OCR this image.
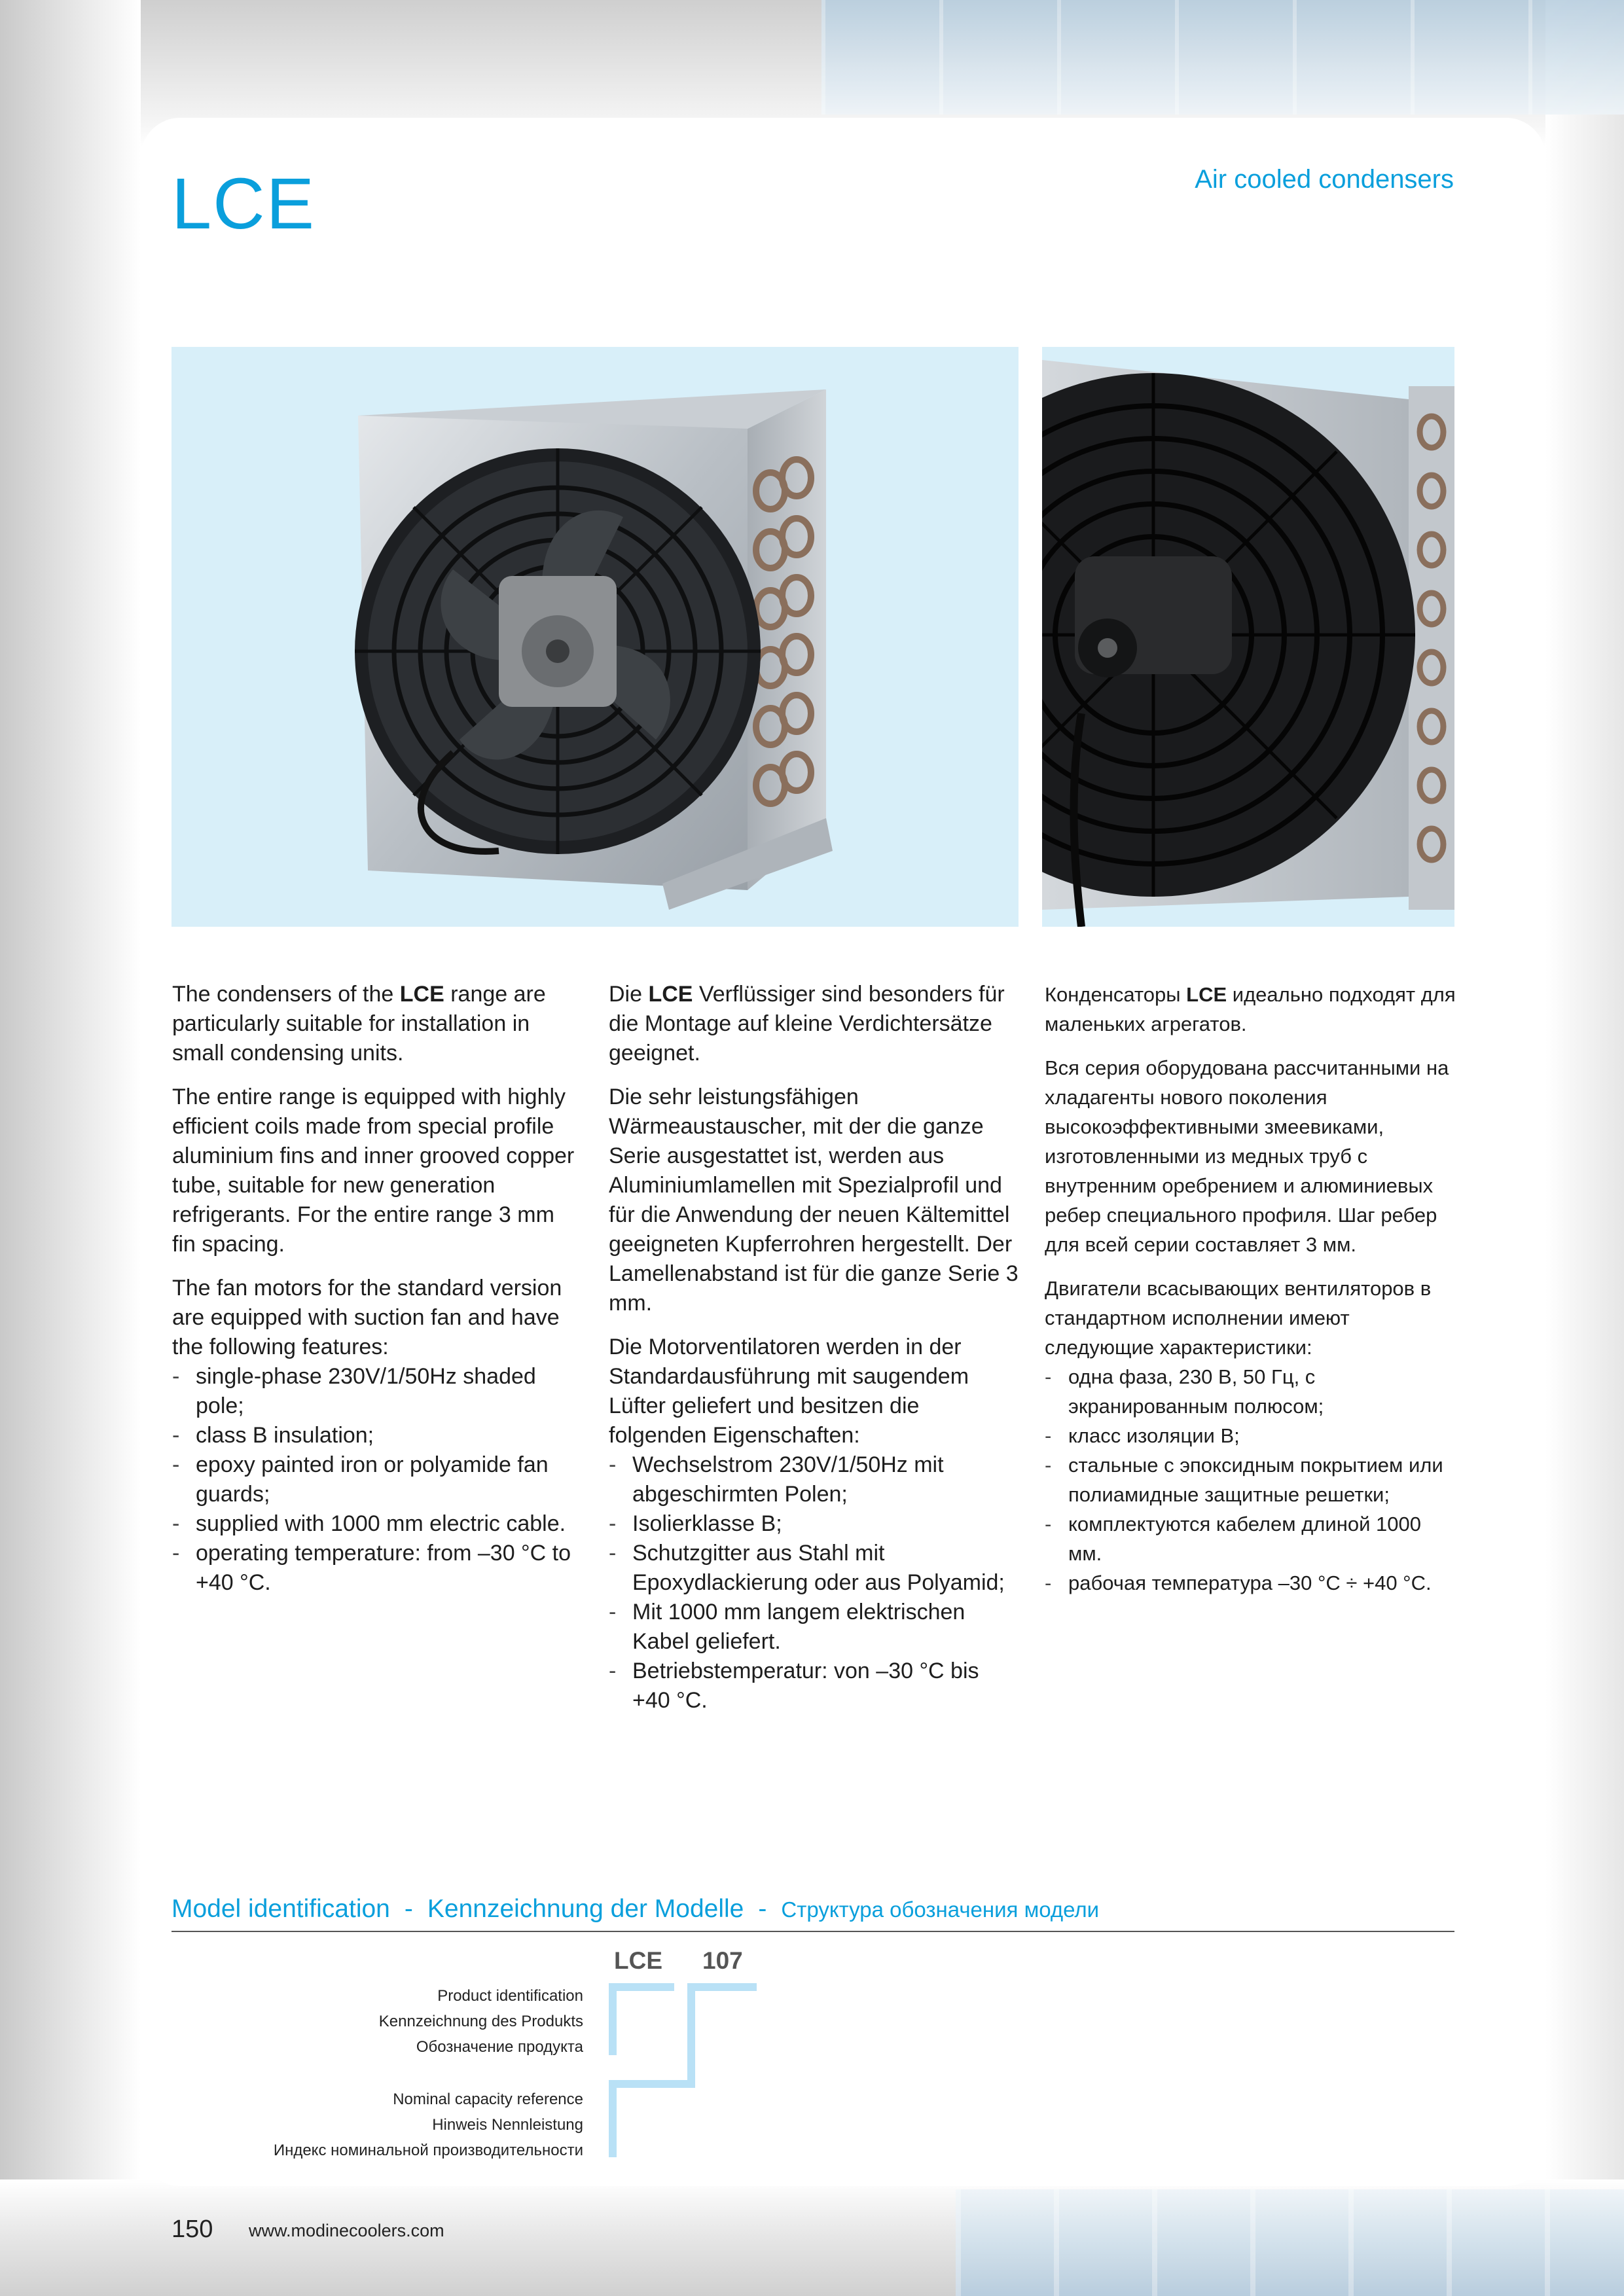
LCE	Air cooled condensers

The condensers of the LCE range are particularly suitable for installation in small condensing units.

The entire range is equipped with highly efficient coils made from special profile aluminium fins and inner grooved copper tube, suitable for new generation refrigerants. For the entire range 3 mm fin spacing.

The fan motors for the standard version are equipped with suction fan and have the following features:

- single-phase 230V/1/50Hz shaded pole;
- class B insulation;
- epoxy painted iron or polyamide fan guards;
- supplied with 1000 mm electric cable.
- operating temperature: from –30 °C to +40 °C.

Die LCE Verflüssiger sind besonders für die Montage auf kleine Verdichtersätze geeignet.

Die sehr leistungsfähigen Wärmeaustauscher, mit der die ganze Serie ausgestattet ist, werden aus Aluminiumlamellen mit Spezialprofil und für die Anwendung der neuen Kältemittel geeigneten Kupferrohren hergestellt. Der Lamellenabstand ist für die ganze Serie 3 mm.

Die Motorventilatoren werden in der Standardausführung mit saugendem Lüfter geliefert und besitzen die folgenden Eigenschaften:

- Wechselstrom 230V/1/50Hz mit abgeschirmten Polen;
- Isolierklasse B;
- Schutzgitter aus Stahl mit Epoxydlackierung oder aus Polyamid;
- Mit 1000 mm langem elektrischen Kabel geliefert.
- Betriebstemperatur: von –30 °C bis +40 °C.

Конденсаторы LCE идеально подходят для маленьких агрегатов.

Вся серия оборудована рассчитанными на хладагенты нового поколения высокоэффективными змеевиками, изготовленными из медных труб с внутренним оребрением и алюминиевых ребер специального профиля. Шаг ребер для всей серии составляет 3 мм.

Двигатели всасывающих вентиляторов в стандартном исполнении имеют следующие характеристики:

- одна фаза, 230 В, 50 Гц, с экранированным полюсом;
- класс изоляции B;
- стальные с эпоксидным покрытием или полиамидные защитные решетки;
- комплектуются кабелем длиной 1000 мм.
- рабочая температура –30 °C ÷ +40 °C.
Model identification - Kennzeichnung der Modelle - Структура обозначения модели
LCE 107
Product identification
Kennzeichnung des Produkts
Обозначение продукта
Nominal capacity reference
Hinweis Nennleistung
Индекс номинальной производительности
150 www.modinecoolers.com
